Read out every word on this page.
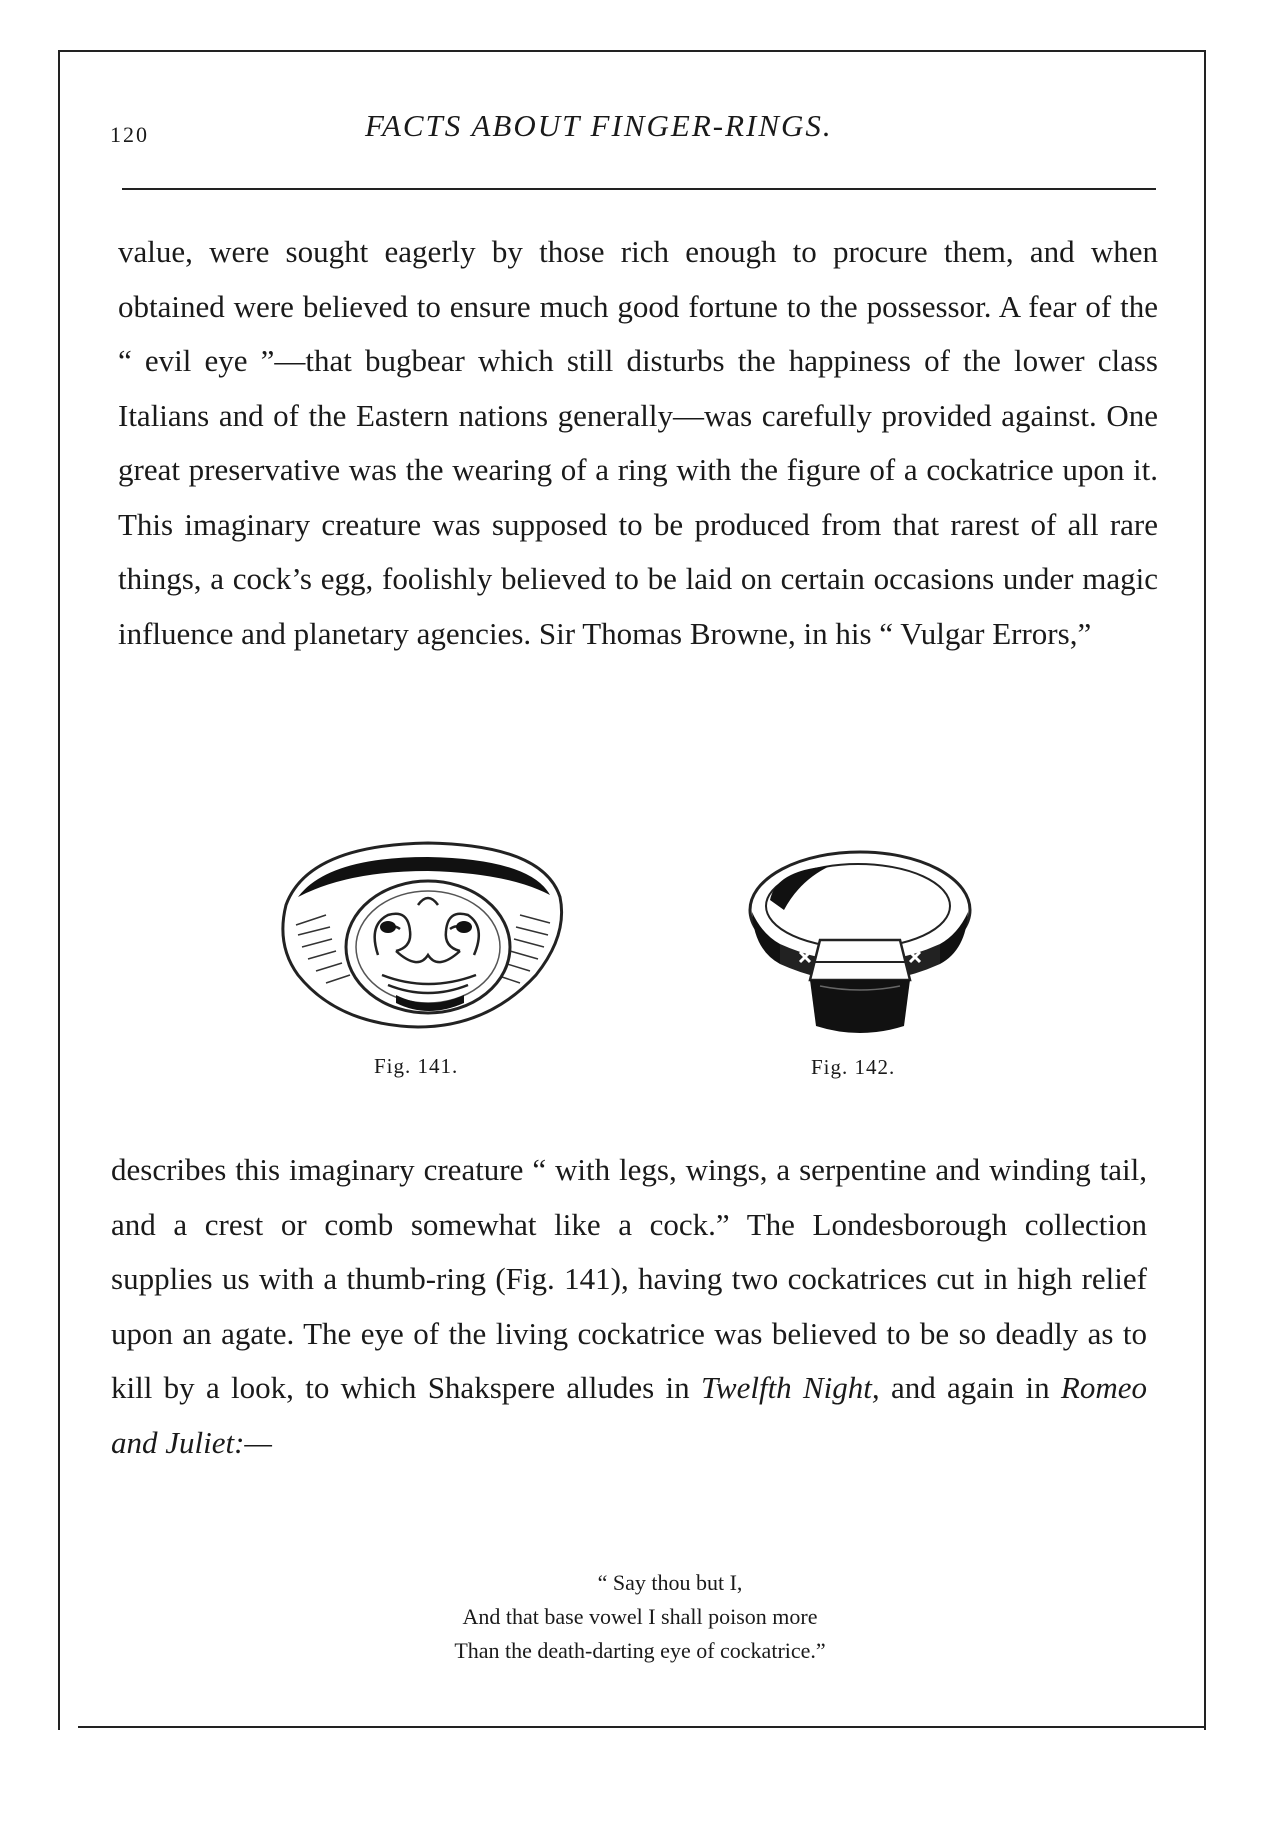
120	FACTS ABOUT FINGER-RINGS.

value, were sought eagerly by those rich enough to procure them, and when obtained were believed to ensure much good fortune to the possessor. A fear of the “ evil eye ”—that bugbear which still disturbs the happiness of the lower class Italians and of the Eastern nations generally—was carefully provided against. One great preservative was the wearing of a ring with the figure of a cockatrice upon it. This imaginary creature was supposed to be produced from that rarest of all rare things, a cock’s egg, foolishly believed to be laid on certain occasions under magic influence and planetary agencies. Sir Thomas Browne, in his “ Vulgar Errors,”

Fig. 141.	Fig. 142.

describes this imaginary creature “ with legs, wings, a serpentine and winding tail, and a crest or comb somewhat like a cock.” The Londesborough collection supplies us with a thumb-ring (Fig. 141), having two cockatrices cut in high relief upon an agate. The eye of the living cockatrice was believed to be so deadly as to kill by a look, to which Shakspere alludes in Twelfth Night, and again in Romeo and Juliet:—

“ Say thou but I,
And that base vowel I shall poison more
Than the death-darting eye of cockatrice.”
